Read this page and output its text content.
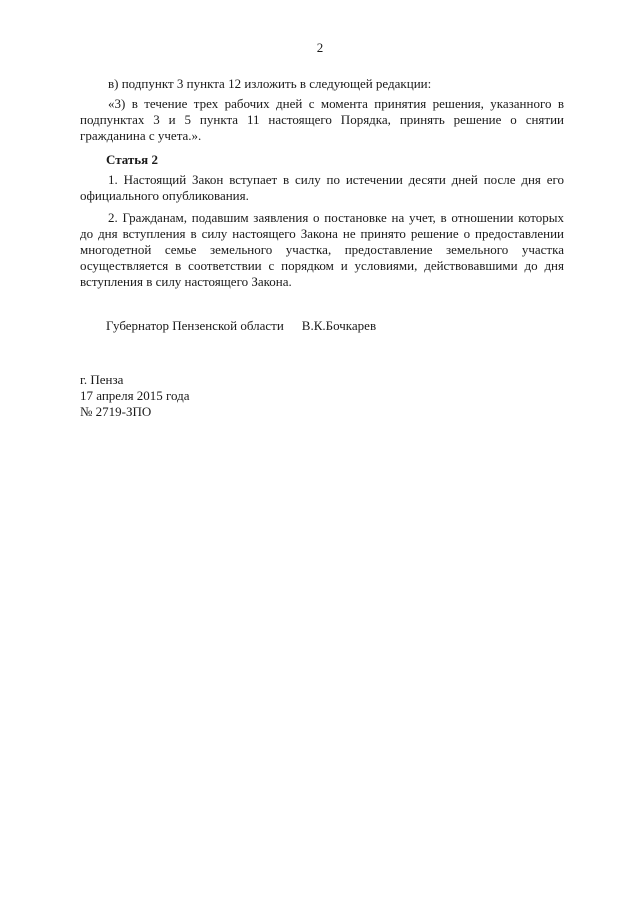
2

в) подпункт 3 пункта 12 изложить в следующей редакции:

«3) в течение трех рабочих дней с момента принятия решения, указанного в подпунктах 3 и 5 пункта 11 настоящего Порядка, принять решение о снятии гражданина с учета.».

Статья 2

1. Настоящий Закон вступает в силу по истечении десяти дней после дня его официального опубликования.

2. Гражданам, подавшим заявления о постановке на учет, в отношении которых до дня вступления в силу настоящего Закона не принято решение о предоставлении многодетной семье земельного участка, предоставление земельного участка осуществляется в соответствии с порядком и условиями, действовавшими до дня вступления в силу настоящего Закона.

Губернатор Пензенской области В.К.Бочкарев
г. Пенза
17 апреля 2015 года
№ 2719-ЗПО
